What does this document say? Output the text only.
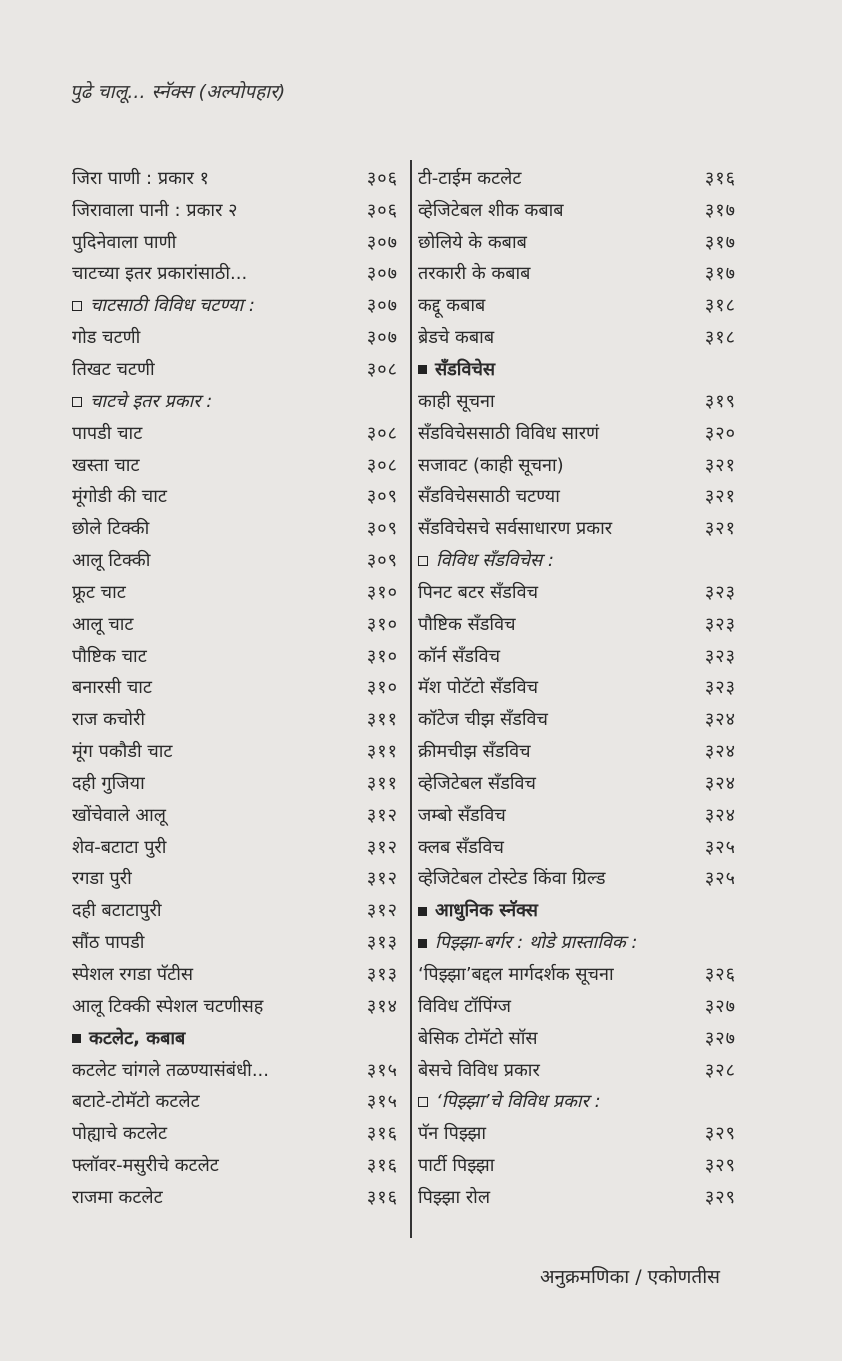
पुढे चालू... स्नॅक्स (अल्पोपहार)
जिरा पाणी : प्रकार १	३०६
जिरावाला पानी : प्रकार २	३०६
पुदिनेवाला पाणी	३०७
चाटच्या इतर प्रकारांसाठी...	३०७
चाटसाठी विविध चटण्या :	३०७
गोड चटणी	३०७
तिखट चटणी	३०८
चाटचे इतर प्रकार :
पापडी चाट	३०८
खस्ता चाट	३०८
मूंगोडी की चाट	३०९
छोले टिक्की	३०९
आलू टिक्की	३०९
फ्रूट चाट	३१०
आलू चाट	३१०
पौष्टिक चाट	३१०
बनारसी चाट	३१०
राज कचोरी	३११
मूंग पकौडी चाट	३११
दही गुजिया	३११
खोंचेवाले आलू	३१२
शेव-बटाटा पुरी	३१२
रगडा पुरी	३१२
दही बटाटापुरी	३१२
सौंठ पापडी	३१३
स्पेशल रगडा पॅटीस	३१३
आलू टिक्की स्पेशल चटणीसह	३१४
कटलेट, कबाब
कटलेट चांगले तळण्यासंबंधी...	३१५
बटाटे-टोमॅटो कटलेट	३१५
पोह्याचे कटलेट	३१६
फ्लॉवर-मसुरीचे कटलेट	३१६
राजमा कटलेट	३१६
टी-टाईम कटलेट	३१६
व्हेजिटेबल शीक कबाब	३१७
छोलिये के कबाब	३१७
तरकारी के कबाब	३१७
कद्दू कबाब	३१८
ब्रेडचे कबाब	३१८
सँडविचेस
काही सूचना	३१९
सँडविचेससाठी विविध सारणं	३२०
सजावट (काही सूचना)	३२१
सँडविचेससाठी चटण्या	३२१
सँडविचेसचे सर्वसाधारण प्रकार	३२१
विविध सँडविचेस :
पिनट बटर सँडविच	३२३
पौष्टिक सँडविच	३२३
कॉर्न सँडविच	३२३
मॅश पोटॅटो सँडविच	३२३
कॉटेज चीझ सँडविच	३२४
क्रीमचीझ सँडविच	३२४
व्हेजिटेबल सँडविच	३२४
जम्बो सँडविच	३२४
क्लब सँडविच	३२५
व्हेजिटेबल टोस्टेड किंवा ग्रिल्ड	३२५
आधुनिक स्नॅक्स
पिझ्झा-बर्गर : थोडे प्रास्ताविक :
‘पिझ्झा’बद्दल मार्गदर्शक सूचना	३२६
विविध टॉपिंग्ज	३२७
बेसिक टोमॅटो सॉस	३२७
बेसचे विविध प्रकार	३२८
‘पिझ्झा’चे विविध प्रकार :
पॅन पिझ्झा	३२९
पार्टी पिझ्झा	३२९
पिझ्झा रोल	३२९
अनुक्रमणिका / एकोणतीस
